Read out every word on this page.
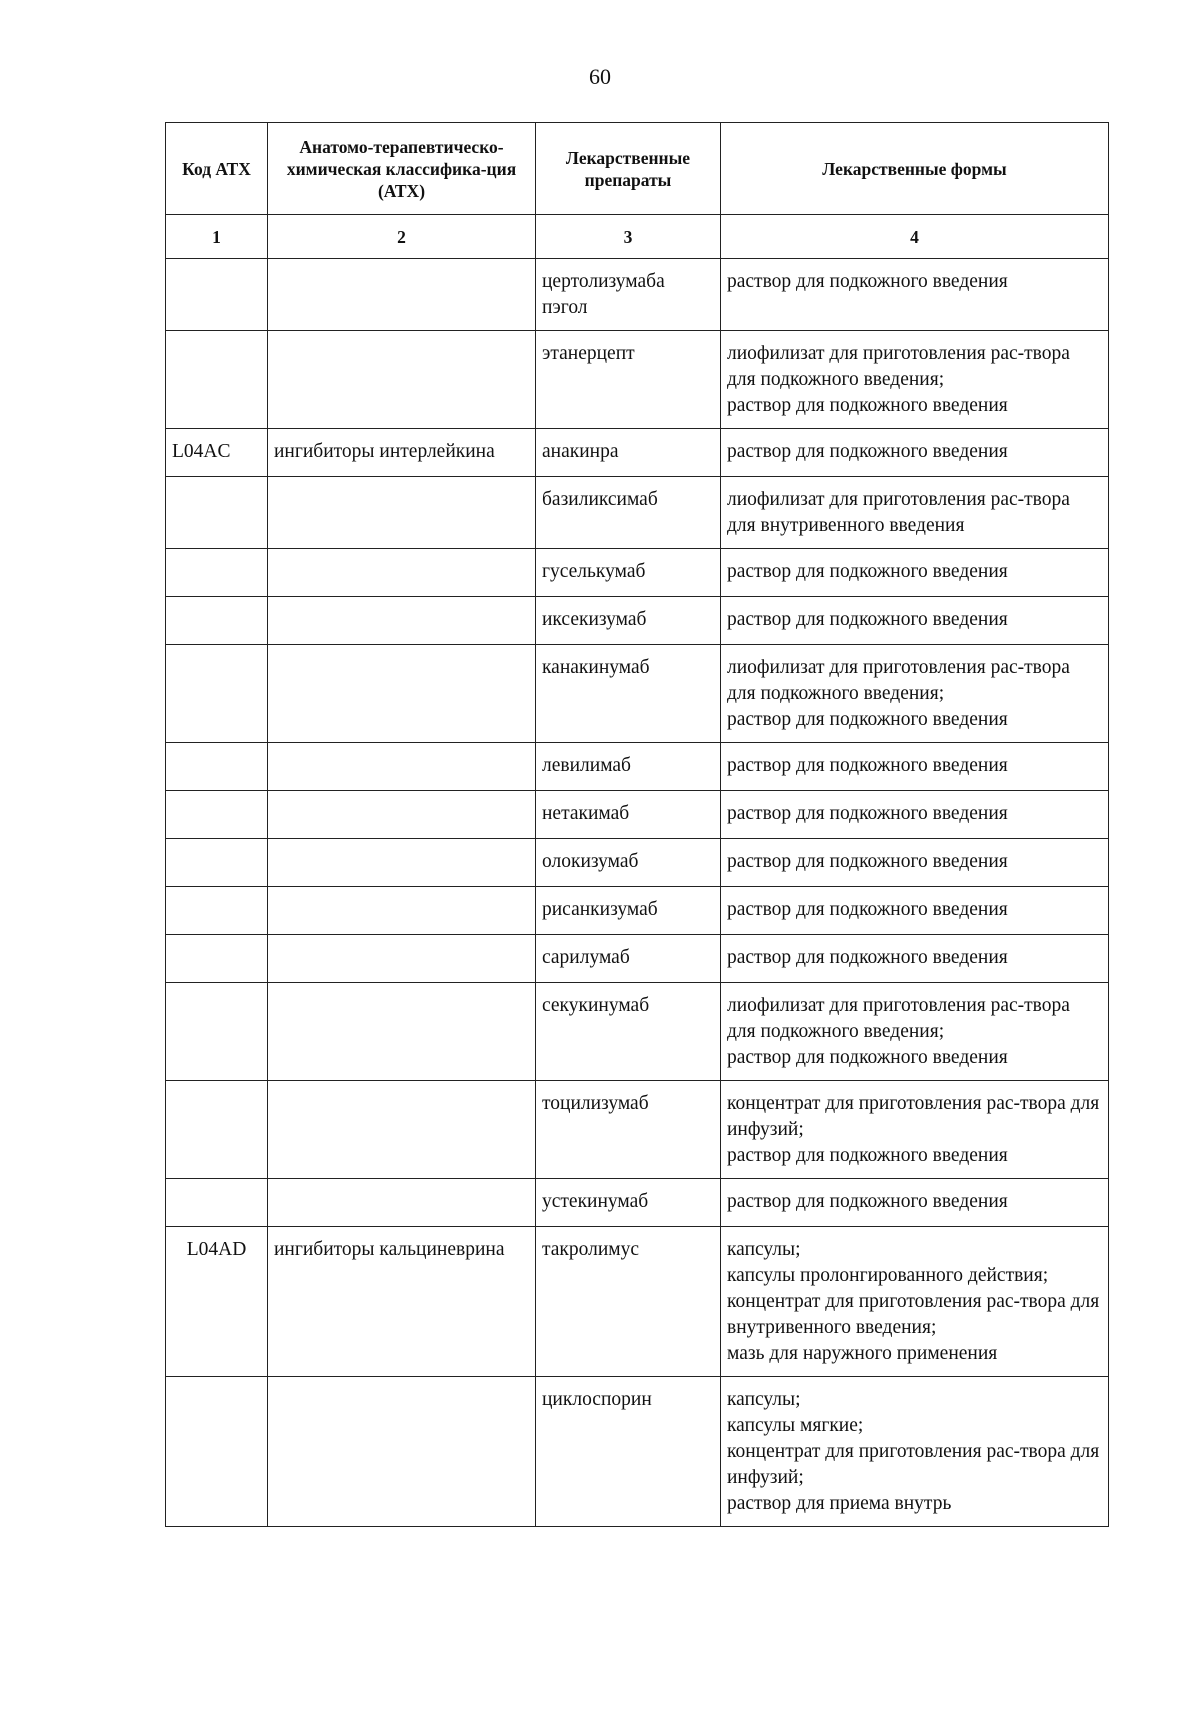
60
Код АТХ	Анатомо-терапевтическо-химическая классифика-ция (АТХ)	Лекарственные препараты	Лекарственные формы
1	2	3	4
		цертолизумаба пэгол	раствор для подкожного введения
		этанерцепт	лиофилизат для приготовления рас-твора для подкожного введения;
раствор для подкожного введения
L04AC	ингибиторы интерлейкина	анакинра	раствор для подкожного введения
		базиликсимаб	лиофилизат для приготовления рас-твора для внутривенного введения
		гуселькумаб	раствор для подкожного введения
		иксекизумаб	раствор для подкожного введения
		канакинумаб	лиофилизат для приготовления рас-твора для подкожного введения;
раствор для подкожного введения
		левилимаб	раствор для подкожного введения
		нетакимаб	раствор для подкожного введения
		олокизумаб	раствор для подкожного введения
		рисанкизумаб	раствор для подкожного введения
		сарилумаб	раствор для подкожного введения
		секукинумаб	лиофилизат для приготовления рас-твора для подкожного введения;
раствор для подкожного введения
		тоцилизумаб	концентрат для приготовления рас-твора для инфузий;
раствор для подкожного введения
		устекинумаб	раствор для подкожного введения
L04AD	ингибиторы кальциневрина	такролимус	капсулы;
капсулы пролонгированного действия;
концентрат для приготовления рас-твора для внутривенного введения;
мазь для наружного применения
		циклоспорин	капсулы;
капсулы мягкие;
концентрат для приготовления рас-твора для инфузий;
раствор для приема внутрь
